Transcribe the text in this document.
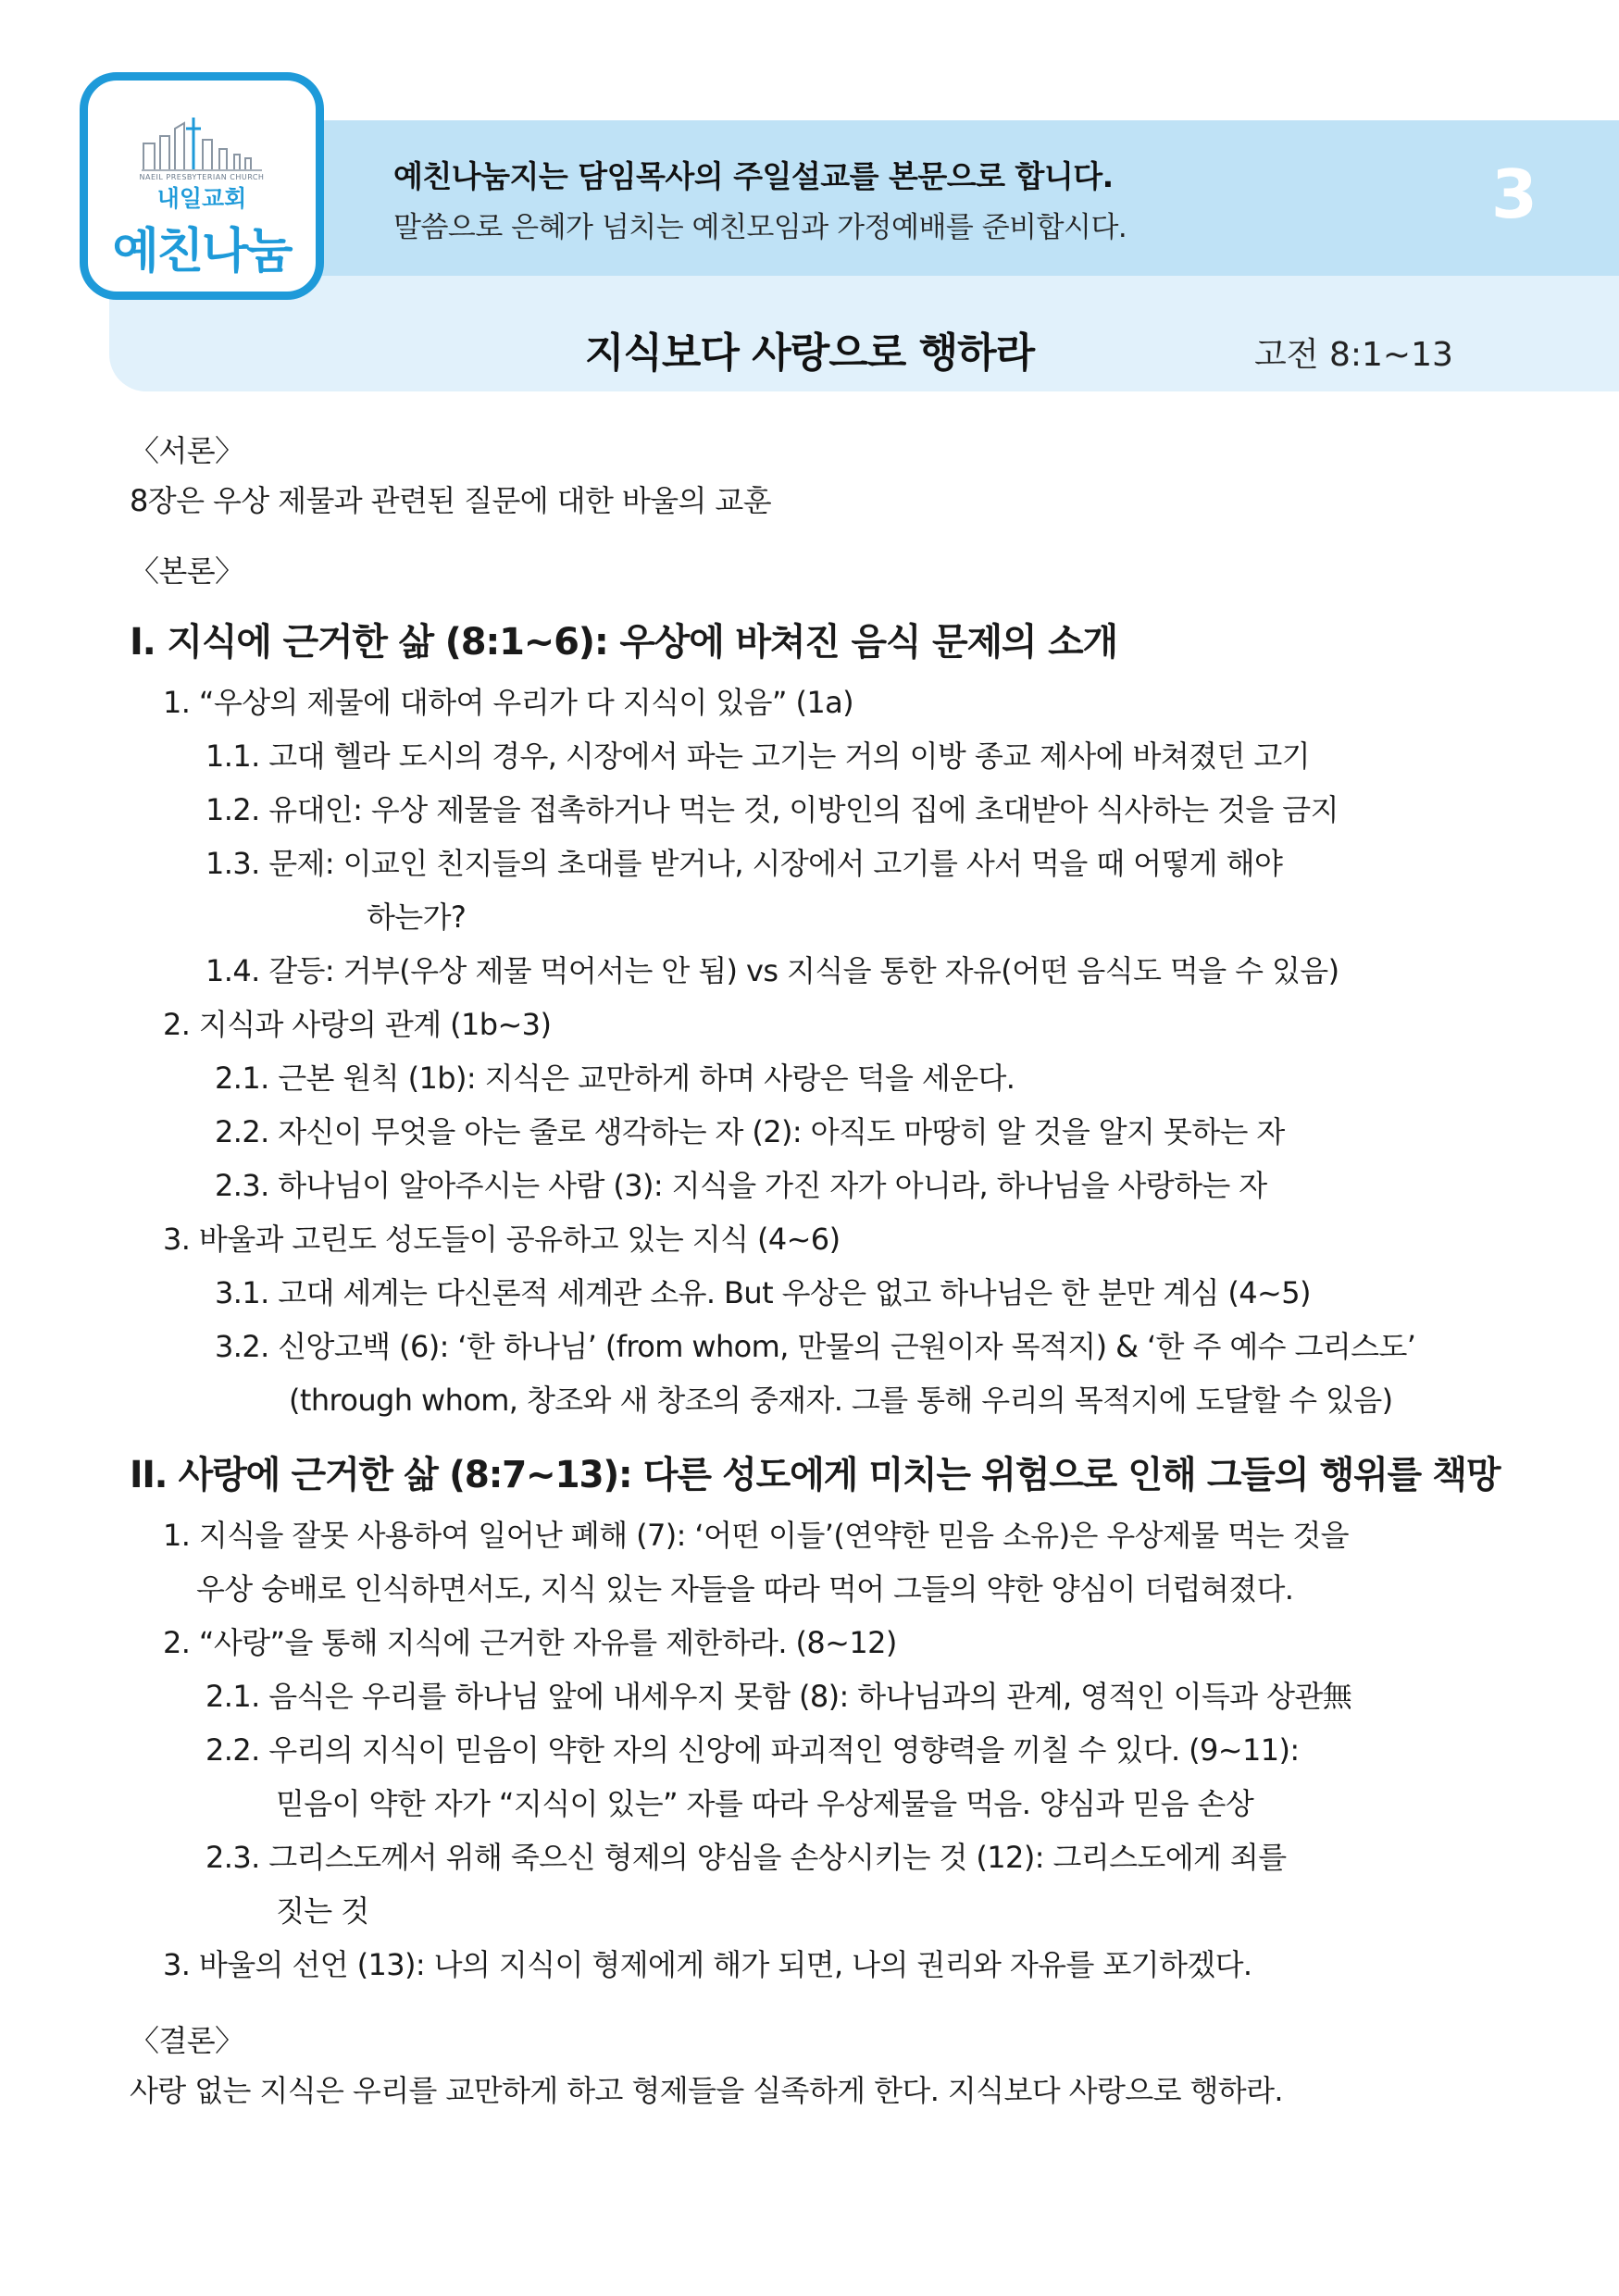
NAEIL PRESBYTERIAN CHURCH
내일교회
예친나눔
예친나눔지는 담임목사의 주일설교를 본문으로 합니다.
말씀으로 은혜가 넘치는 예친모임과 가정예배를 준비합시다.	3
지식보다 사랑으로 행하라	고전 8:1~13
〈서론〉
8장은 우상 제물과 관련된 질문에 대한 바울의 교훈
〈본론〉
I. 지식에 근거한 삶 (8:1~6): 우상에 바쳐진 음식 문제의 소개
1. “우상의 제물에 대하여 우리가 다 지식이 있음” (1a)
1.1. 고대 헬라 도시의 경우, 시장에서 파는 고기는 거의 이방 종교 제사에 바쳐졌던 고기
1.2. 유대인: 우상 제물을 접촉하거나 먹는 것, 이방인의 집에 초대받아 식사하는 것을 금지
1.3. 문제: 이교인 친지들의 초대를 받거나, 시장에서 고기를 사서 먹을 때 어떻게 해야
하는가?
1.4. 갈등: 거부(우상 제물 먹어서는 안 됨) vs 지식을 통한 자유(어떤 음식도 먹을 수 있음)
2. 지식과 사랑의 관계 (1b~3)
2.1. 근본 원칙 (1b): 지식은 교만하게 하며 사랑은 덕을 세운다.
2.2. 자신이 무엇을 아는 줄로 생각하는 자 (2): 아직도 마땅히 알 것을 알지 못하는 자
2.3. 하나님이 알아주시는 사람 (3): 지식을 가진 자가 아니라, 하나님을 사랑하는 자
3. 바울과 고린도 성도들이 공유하고 있는 지식 (4~6)
3.1. 고대 세계는 다신론적 세계관 소유. But 우상은 없고 하나님은 한 분만 계심 (4~5)
3.2. 신앙고백 (6): ‘한 하나님’ (from whom, 만물의 근원이자 목적지) & ‘한 주 예수 그리스도’
(through whom, 창조와 새 창조의 중재자. 그를 통해 우리의 목적지에 도달할 수 있음)
II. 사랑에 근거한 삶 (8:7~13): 다른 성도에게 미치는 위험으로 인해 그들의 행위를 책망
1. 지식을 잘못 사용하여 일어난 폐해 (7): ‘어떤 이들’(연약한 믿음 소유)은 우상제물 먹는 것을
우상 숭배로 인식하면서도, 지식 있는 자들을 따라 먹어 그들의 약한 양심이 더럽혀졌다.
2. “사랑”을 통해 지식에 근거한 자유를 제한하라. (8~12)
2.1. 음식은 우리를 하나님 앞에 내세우지 못함 (8): 하나님과의 관계, 영적인 이득과 상관無
2.2. 우리의 지식이 믿음이 약한 자의 신앙에 파괴적인 영향력을 끼칠 수 있다. (9~11):
믿음이 약한 자가 “지식이 있는” 자를 따라 우상제물을 먹음. 양심과 믿음 손상
2.3. 그리스도께서 위해 죽으신 형제의 양심을 손상시키는 것 (12): 그리스도에게 죄를
짓는 것
3. 바울의 선언 (13): 나의 지식이 형제에게 해가 되면, 나의 권리와 자유를 포기하겠다.
〈결론〉
사랑 없는 지식은 우리를 교만하게 하고 형제들을 실족하게 한다. 지식보다 사랑으로 행하라.
